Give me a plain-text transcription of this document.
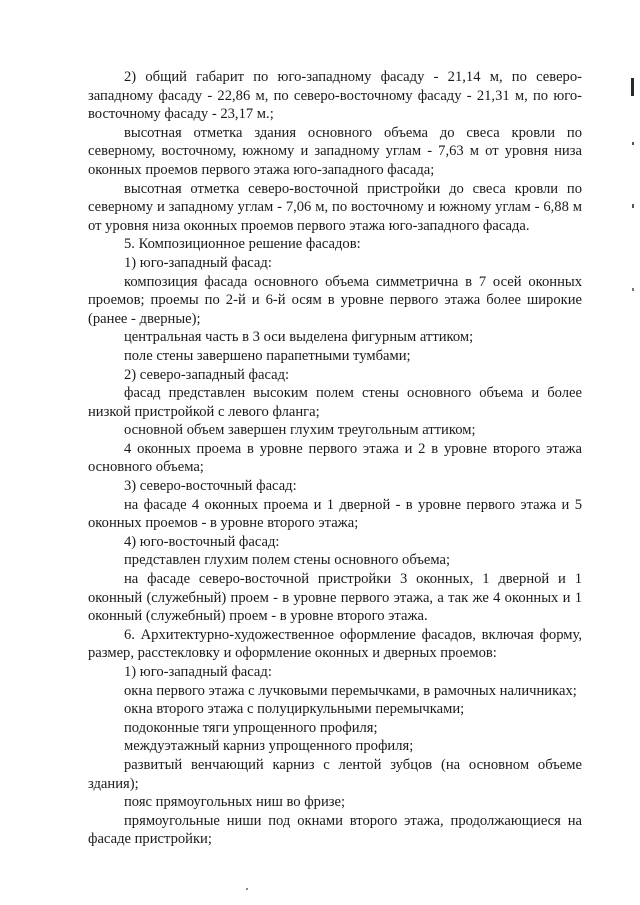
2) общий габарит по юго-западному фасаду - 21,14 м, по северо-западному фасаду - 22,86 м, по северо-восточному фасаду - 21,31 м, по юго-восточному фасаду - 23,17 м.;

высотная отметка здания основного объема до свеса кровли по северному, восточному, южному и западному углам - 7,63 м от уровня низа оконных проемов первого этажа юго-западного фасада;

высотная отметка северо-восточной пристройки до свеса кровли по северному и западному углам - 7,06 м, по восточному и южному углам - 6,88 м от уровня низа оконных проемов первого этажа юго-западного фасада.

5. Композиционное решение фасадов:

1) юго-западный фасад:

композиция фасада основного объема симметрична в 7 осей оконных проемов; проемы по 2-й и 6-й осям в уровне первого этажа более широкие (ранее - дверные);

центральная часть в 3 оси выделена фигурным аттиком;

поле стены завершено парапетными тумбами;

2) северо-западный фасад:

фасад представлен высоким полем стены основного объема и более низкой пристройкой с левого фланга;

основной объем завершен глухим треугольным аттиком;

4 оконных проема в уровне первого этажа и 2 в уровне второго этажа основного объема;

3) северо-восточный фасад:

на фасаде 4 оконных проема и 1 дверной - в уровне первого этажа и 5 оконных проемов - в уровне второго этажа;

4) юго-восточный фасад:

представлен глухим полем стены основного объема;

на фасаде северо-восточной пристройки 3 оконных, 1 дверной и 1 оконный (служебный) проем - в уровне первого этажа, а так же 4 оконных и 1 оконный (служебный) проем - в уровне второго этажа.

6. Архитектурно-художественное оформление фасадов, включая форму, размер, расстекловку и оформление оконных и дверных проемов:

1) юго-западный фасад:

окна первого этажа с лучковыми перемычками, в рамочных наличниках;

окна второго этажа с полуциркульными перемычками;

подоконные тяги упрощенного профиля;

междуэтажный карниз упрощенного профиля;

развитый венчающий карниз с лентой зубцов (на основном объеме здания);

пояс прямоугольных ниш во фризе;

прямоугольные ниши под окнами второго этажа, продолжающиеся на фасаде пристройки;
